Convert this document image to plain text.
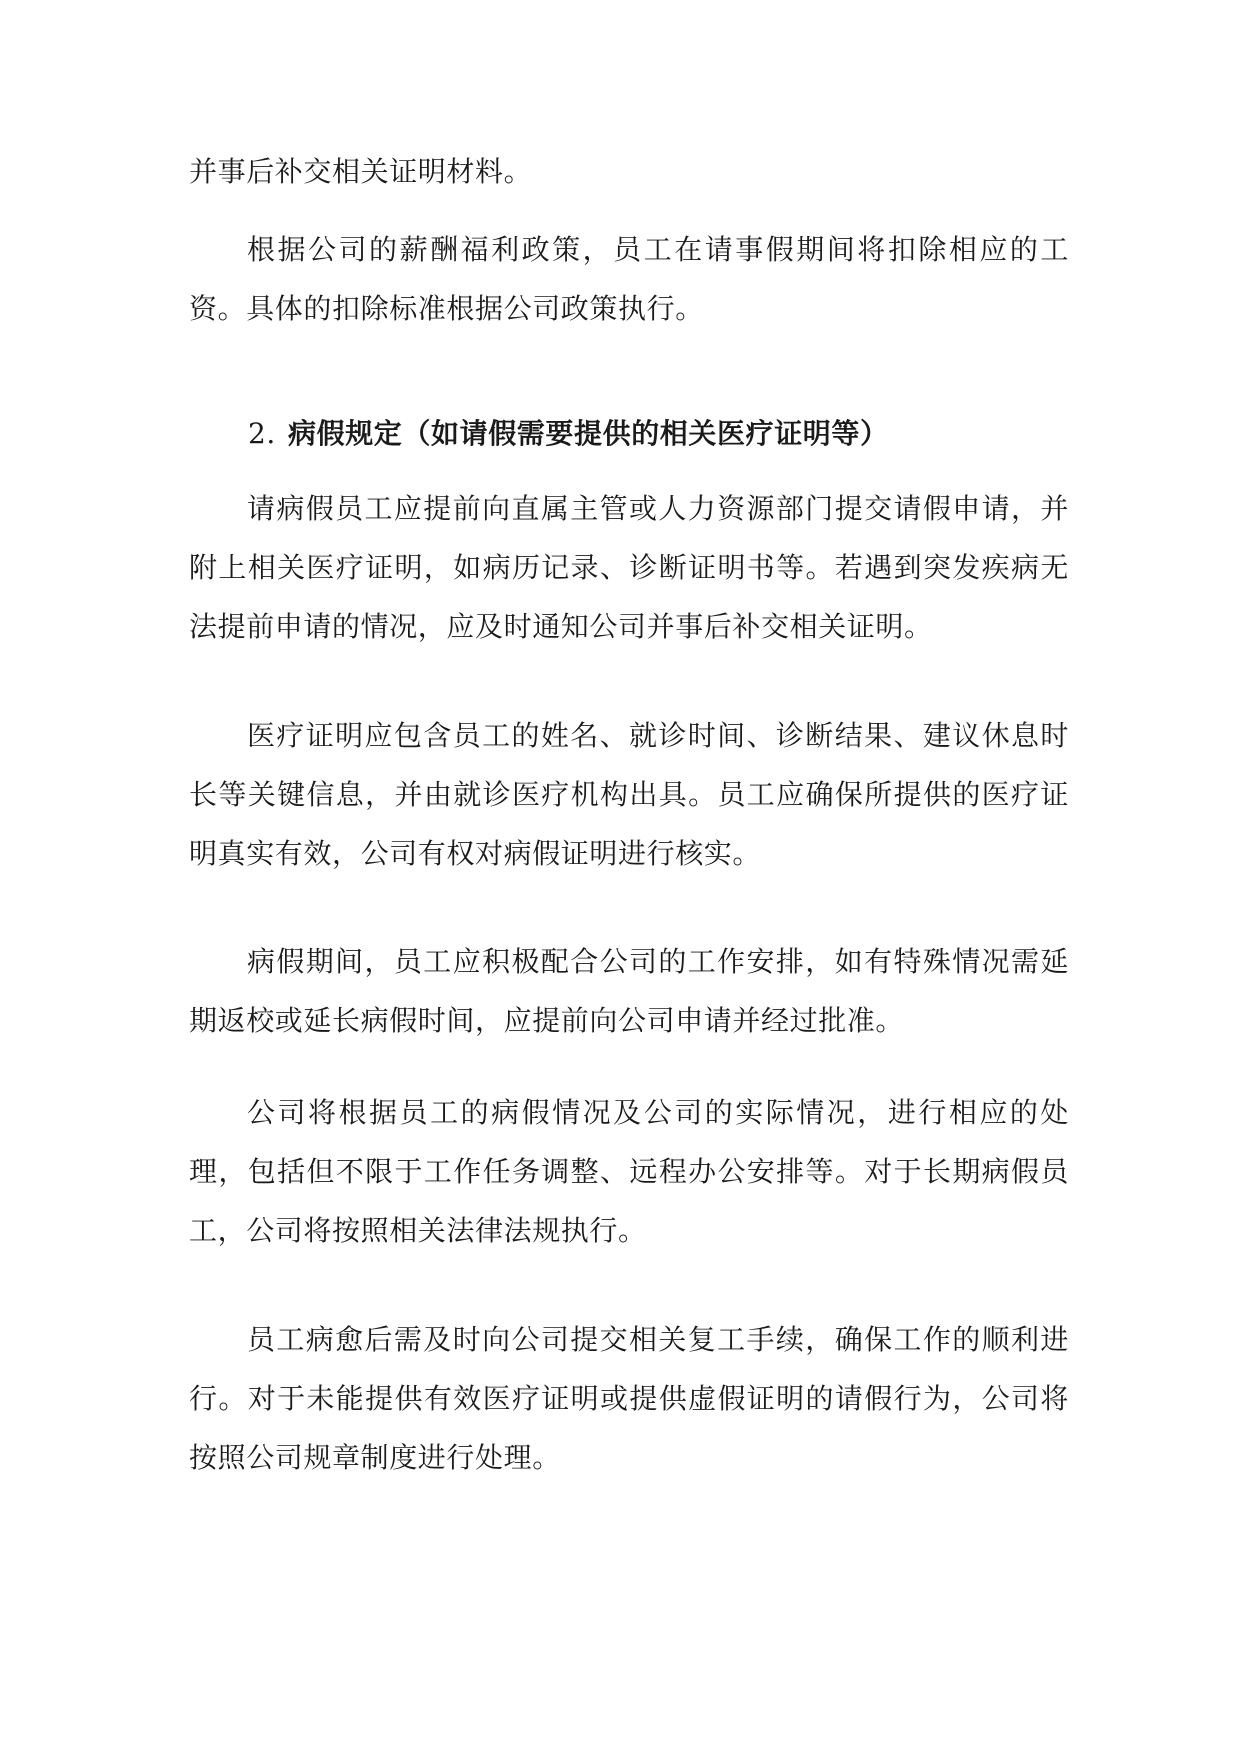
并事后补交相关证明材料。

根据公司的薪酬福利政策，员工在请事假期间将扣除相应的工资。具体的扣除标准根据公司政策执行。

2. 病假规定（如请假需要提供的相关医疗证明等）

请病假员工应提前向直属主管或人力资源部门提交请假申请，并附上相关医疗证明，如病历记录、诊断证明书等。若遇到突发疾病无法提前申请的情况，应及时通知公司并事后补交相关证明。

医疗证明应包含员工的姓名、就诊时间、诊断结果、建议休息时长等关键信息，并由就诊医疗机构出具。员工应确保所提供的医疗证明真实有效，公司有权对病假证明进行核实。

病假期间，员工应积极配合公司的工作安排，如有特殊情况需延期返校或延长病假时间，应提前向公司申请并经过批准。

公司将根据员工的病假情况及公司的实际情况，进行相应的处理，包括但不限于工作任务调整、远程办公安排等。对于长期病假员工，公司将按照相关法律法规执行。

员工病愈后需及时向公司提交相关复工手续，确保工作的顺利进行。对于未能提供有效医疗证明或提供虚假证明的请假行为，公司将按照公司规章制度进行处理。
